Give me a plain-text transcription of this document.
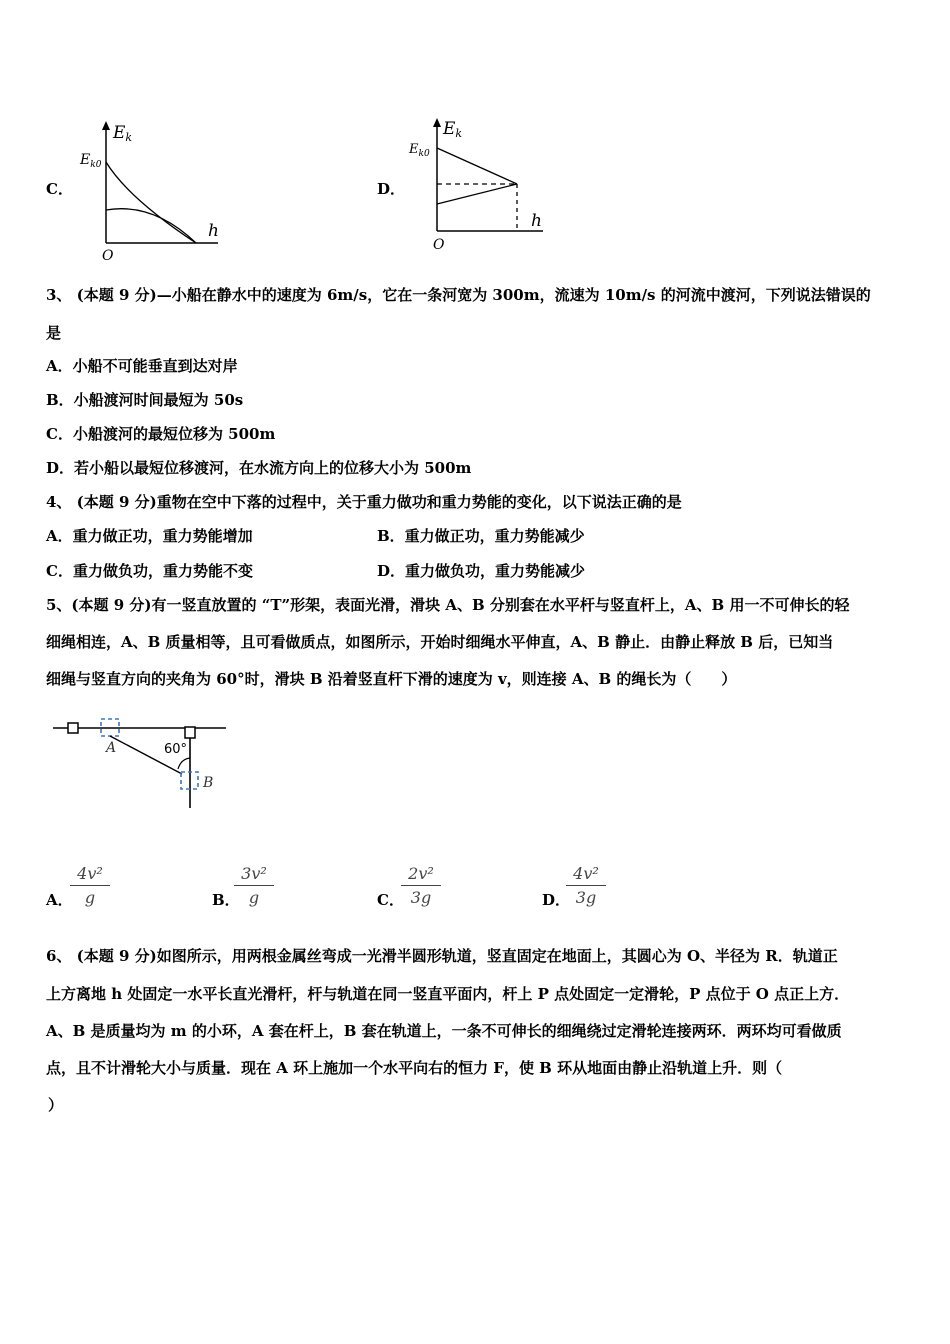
C．
Ek
$E_{k0}$
h
O
D．
Ek
$E_{k0}$
h
O
3、 (本题 9 分)—小船在静水中的速度为 6m/s，它在一条河宽为 300m，流速为 10m/s 的河流中渡河，下列说法错误的
是
A．小船不可能垂直到达对岸
B．小船渡河时间最短为 50s
C．小船渡河的最短位移为 500m
D．若小船以最短位移渡河，在水流方向上的位移大小为 500m
4、 (本题 9 分)重物在空中下落的过程中，关于重力做功和重力势能的变化，以下说法正确的是
A．重力做正功，重力势能增加	B．重力做正功，重力势能减少
C．重力做负功，重力势能不变	D．重力做负功，重力势能减少
5、(本题 9 分)有一竖直放置的 “T”形架，表面光滑，滑块 A、B 分别套在水平杆与竖直杆上，A、B 用一不可伸长的轻
细绳相连，A、B 质量相等，且可看做质点，如图所示，开始时细绳水平伸直，A、B 静止．由静止释放 B 后，已知当
细绳与竖直方向的夹角为 60°时，滑块 B 沿着竖直杆下滑的速度为 v，则连接 A、B 的绳长为（　　）
A
B
60°
A．
$\frac{\text{4v²}}{g}$	B．
$\frac{\text{3v²}}{g}$	C．
$\frac{\text{2v²}}{3g}$	D．
$\frac{\text{4v²}}{3g}$
6、 (本题 9 分)如图所示，用两根金属丝弯成一光滑半圆形轨道，竖直固定在地面上，其圆心为 O、半径为 R．轨道正
上方离地 h 处固定一水平长直光滑杆，杆与轨道在同一竖直平面内，杆上 P 点处固定一定滑轮，P 点位于 O 点正上方．
A、B 是质量均为 m 的小环，A 套在杆上，B 套在轨道上，一条不可伸长的细绳绕过定滑轮连接两环．两环均可看做质
点，且不计滑轮大小与质量．现在 A 环上施加一个水平向右的恒力 F，使 B 环从地面由静止沿轨道上升．则（
）
